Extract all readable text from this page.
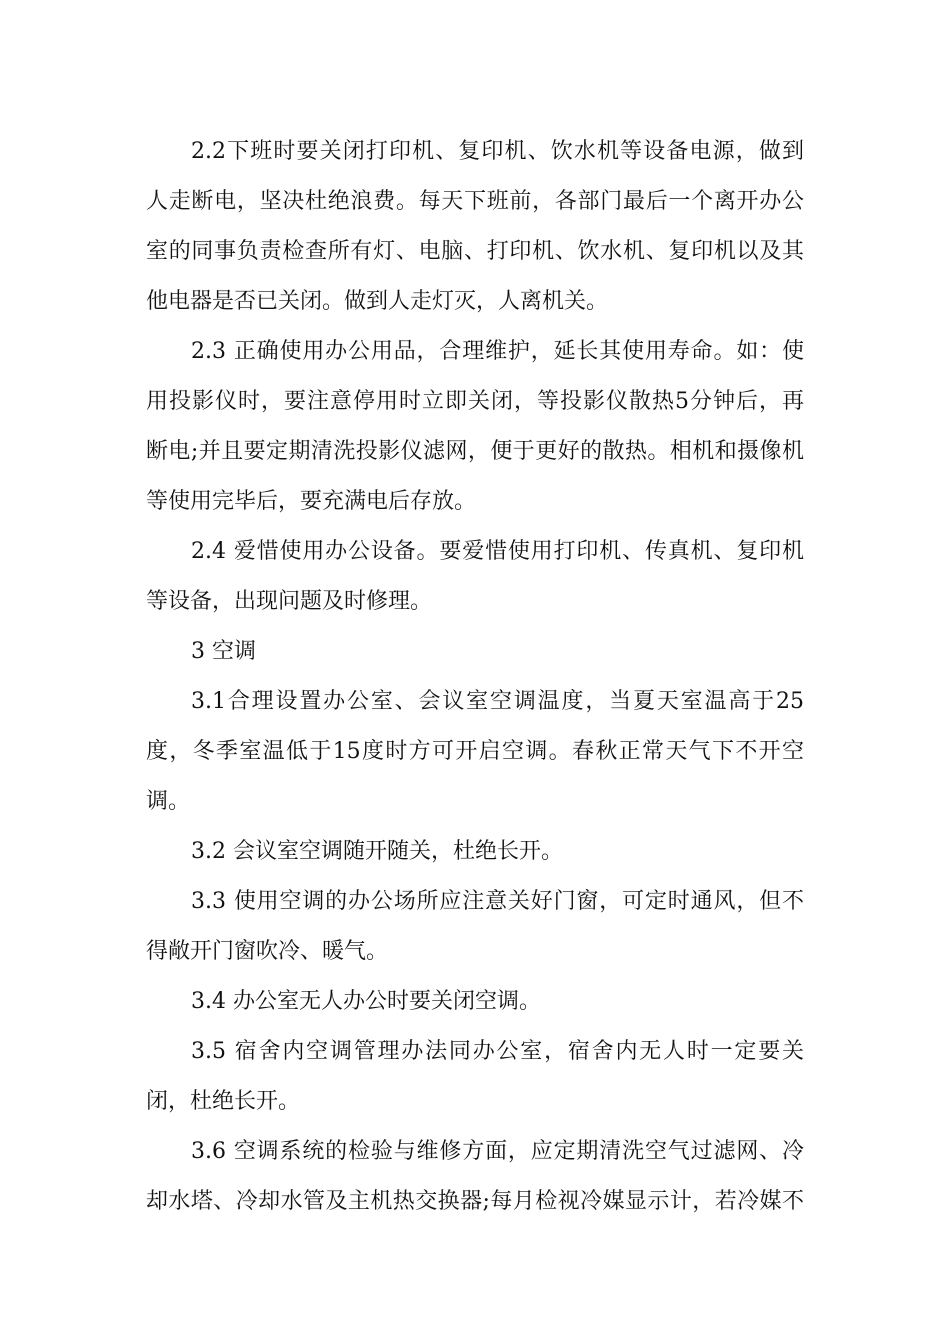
2.2下班时要关闭打印机、复印机、饮水机等设备电源，做到
人走断电，坚决杜绝浪费。每天下班前，各部门最后一个离开办公
室的同事负责检查所有灯、电脑、打印机、饮水机、复印机以及其
他电器是否已关闭。做到人走灯灭，人离机关。
2.3 正确使用办公用品，合理维护，延长其使用寿命。如：使
用投影仪时，要注意停用时立即关闭，等投影仪散热5分钟后，再
断电;并且要定期清洗投影仪滤网，便于更好的散热。相机和摄像机
等使用完毕后，要充满电后存放。
2.4 爱惜使用办公设备。要爱惜使用打印机、传真机、复印机
等设备，出现问题及时修理。
3 空调
3.1合理设置办公室、会议室空调温度，当夏天室温高于25
度，冬季室温低于15度时方可开启空调。春秋正常天气下不开空
调。
3.2 会议室空调随开随关，杜绝长开。
3.3 使用空调的办公场所应注意关好门窗，可定时通风，但不
得敞开门窗吹冷、暖气。
3.4 办公室无人办公时要关闭空调。
3.5 宿舍内空调管理办法同办公室，宿舍内无人时一定要关
闭，杜绝长开。
3.6 空调系统的检验与维修方面，应定期清洗空气过滤网、冷
却水塔、冷却水管及主机热交换器;每月检视冷媒显示计，若冷媒不
